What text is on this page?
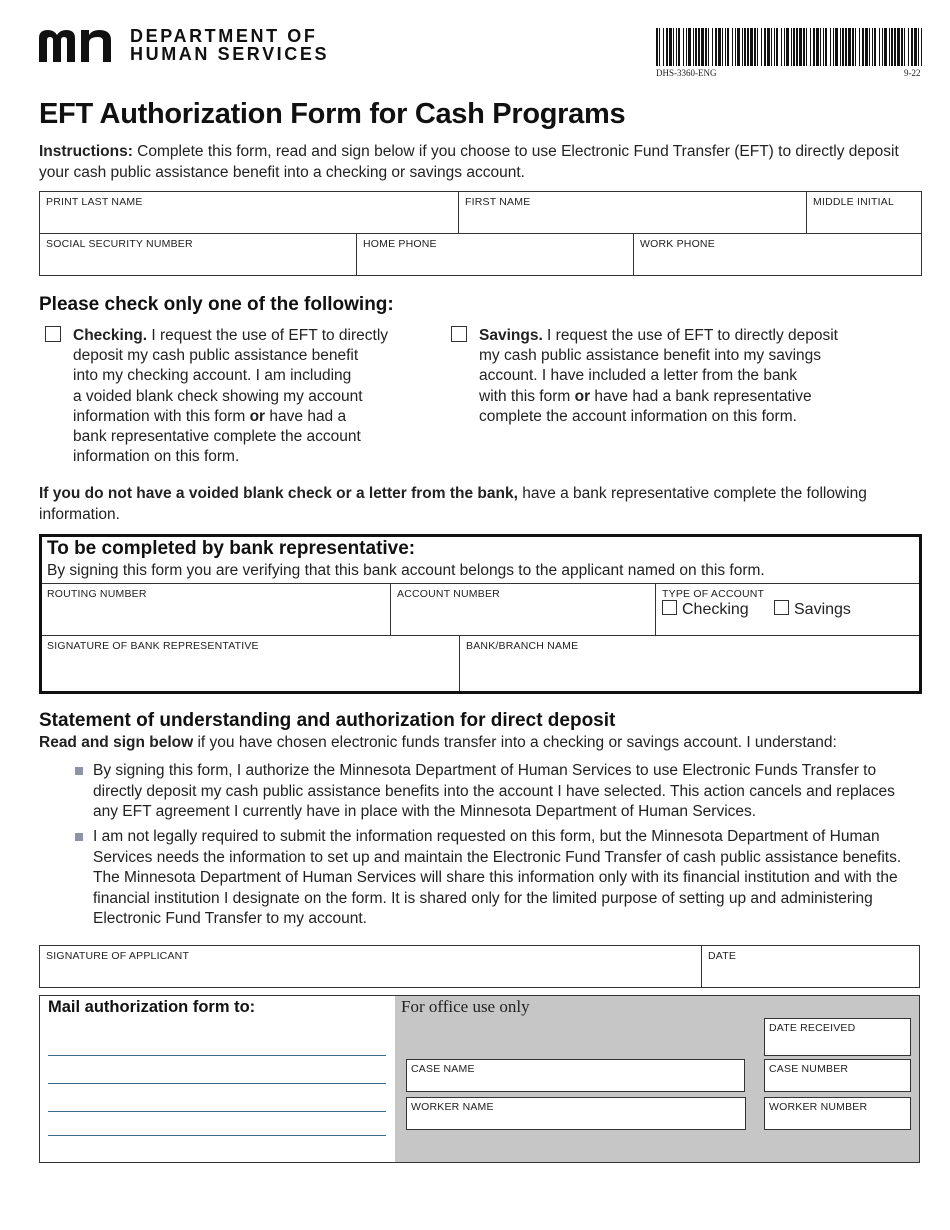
DEPARTMENT OF
HUMAN SERVICES
DHS-3360-ENG	9-22
EFT Authorization Form for Cash Programs
Instructions: Complete this form, read and sign below if you choose to use Electronic Fund Transfer (EFT) to directly deposit your cash public assistance benefit into a checking or savings account.
PRINT LAST NAME	FIRST NAME	MIDDLE INITIAL
SOCIAL SECURITY NUMBER	HOME PHONE	WORK PHONE
Please check only one of the following:
Checking. I request the use of EFT to directly
deposit my cash public assistance benefit
into my checking account. I am including
a voided blank check showing my account
information with this form or have had a
bank representative complete the account
information on this form.
Savings. I request the use of EFT to directly deposit
my cash public assistance benefit into my savings
account. I have included a letter from the bank
with this form or have had a bank representative
complete the account information on this form.
If you do not have a voided blank check or a letter from the bank, have a bank representative complete the following information.
To be completed by bank representative:
By signing this form you are verifying that this bank account belongs to the applicant named on this form.
ROUTING NUMBER	ACCOUNT NUMBER	TYPE OF ACCOUNT
Checking	Savings
SIGNATURE OF BANK REPRESENTATIVE	BANK/BRANCH NAME
Statement of understanding and authorization for direct deposit
Read and sign below if you have chosen electronic funds transfer into a checking or savings account. I understand:
By signing this form, I authorize the Minnesota Department of Human Services to use Electronic Funds Transfer to directly deposit my cash public assistance benefits into the account I have selected. This action cancels and replaces any EFT agreement I currently have in place with the Minnesota Department of Human Services.
I am not legally required to submit the information requested on this form, but the Minnesota Department of Human Services needs the information to set up and maintain the Electronic Fund Transfer of cash public assistance benefits. The Minnesota Department of Human Services will share this information only with its financial institution and with the financial institution I designate on the form. It is shared only for the limited purpose of setting up and administering Electronic Fund Transfer to my account.
SIGNATURE OF APPLICANT	DATE
Mail authorization form to:	For office use only
DATE RECEIVED
CASE NAME	CASE NUMBER
WORKER NAME	WORKER NUMBER
